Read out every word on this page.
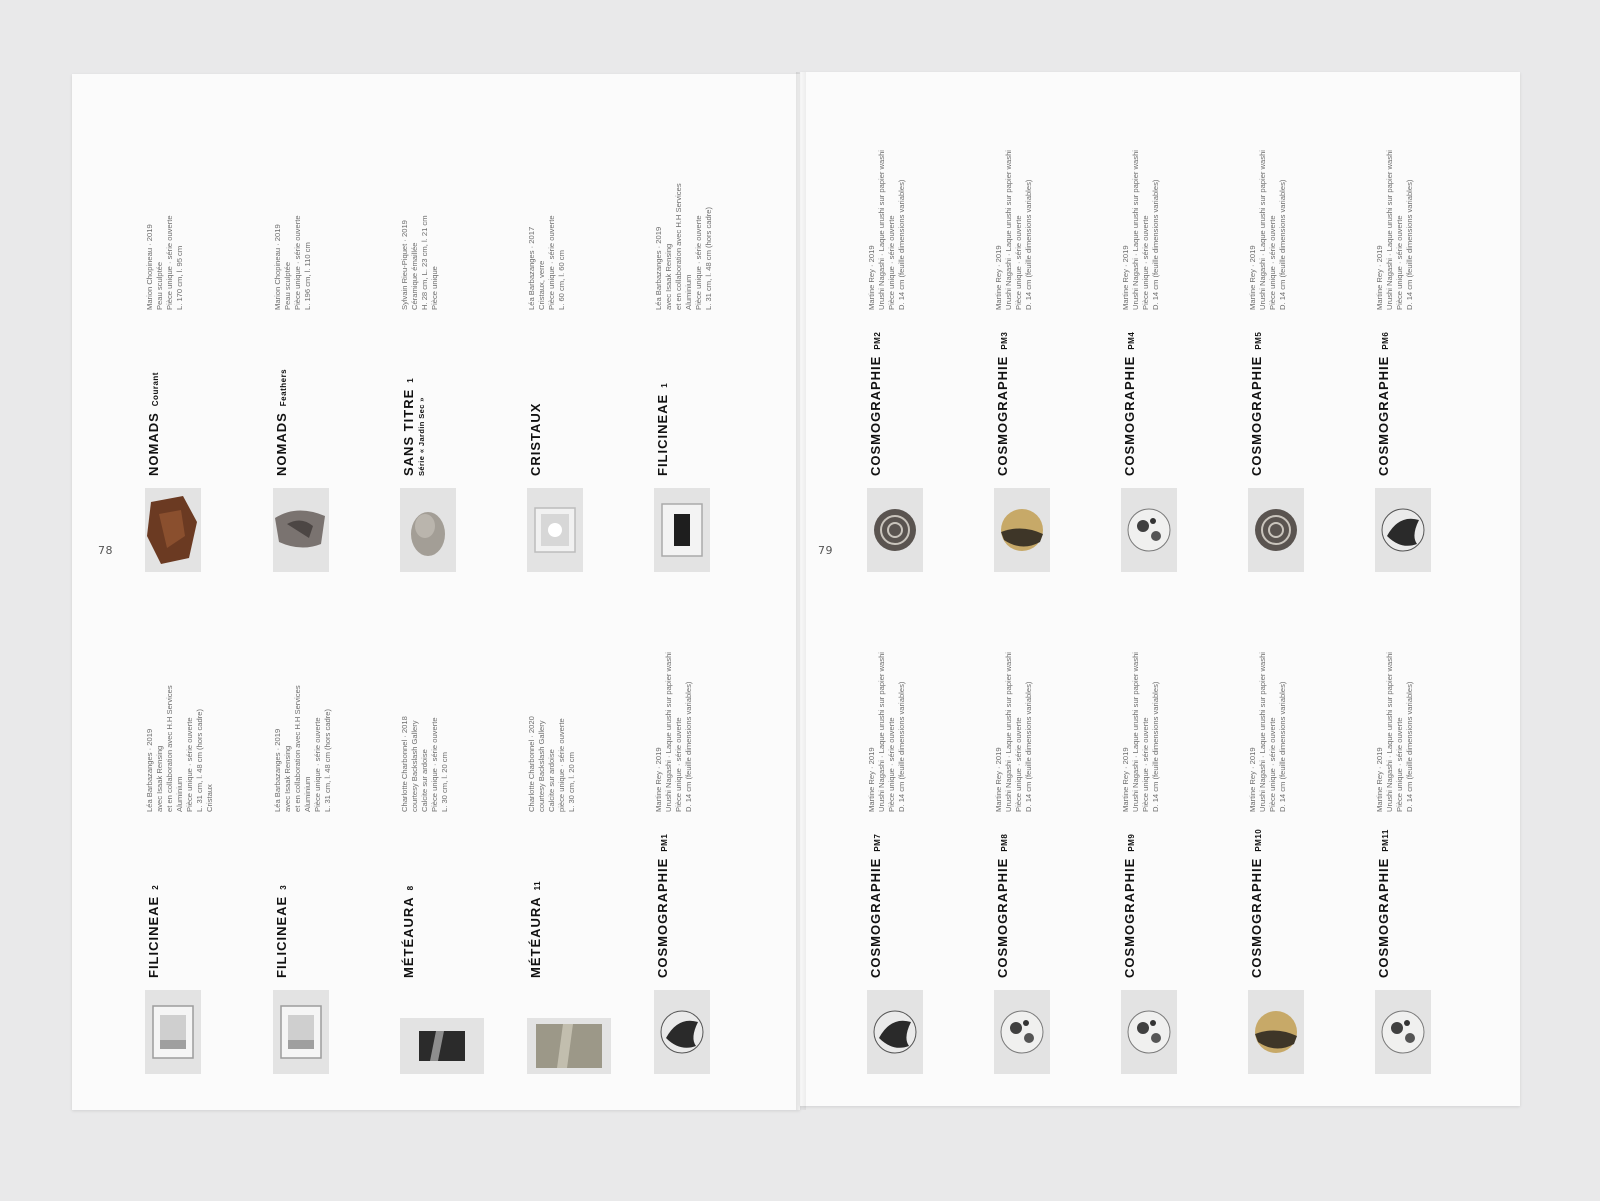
78	79
Marion Chopineau · 2019 Peau sculptée Pièce unique · série ouverte L. 170 cm, l. 95 cm
NOMADSCourant
Marion Chopineau · 2019 Peau sculptée Pièce unique · série ouverte L. 196 cm, l. 110 cm
NOMADSFeathers
Sylvain Rieu-Piquet · 2019 Céramique émaillée H. 28 cm, L. 23 cm, l. 21 cm Pièce unique
SANS TITRE1
Série « Jardin Sec »
Léa Barbazanges · 2017 Cristaux, verre Pièce unique · série ouverte L. 60 cm, l. 60 cm
CRISTAUX
Léa Barbazanges · 2019 avec Isaak Rensing et en collaboration avec H.H Services Aluminium Pièce unique · série ouverte L. 31 cm, l. 48 cm (hors cadre)
FILICINEAE1
Léa Barbazanges · 2019 avec Isaak Rensing et en collaboration avec H.H Services Aluminium Pièce unique · série ouverte L. 31 cm, l. 48 cm (hors cadre) Cristaux
FILICINEAE2
Léa Barbazanges · 2019 avec Isaak Rensing et en collaboration avec H.H Services Aluminium Pièce unique · série ouverte L. 31 cm, l. 48 cm (hors cadre)
FILICINEAE3
Charlotte Charbonnel · 2018 courtesy Backslash Gallery Calcite sur ardoise Pièce unique · série ouverte L. 30 cm, l. 20 cm
MÉTÉAURA8
Charlotte Charbonnel · 2020 courtesy Backslash Gallery Calcite sur ardoise pièce unique · série ouverte L. 30 cm, l. 20 cm
MÉTÉAURA11
Martine Rey · 2019 Urushi Nagashi · Laque urushi sur papier washi Pièce unique · série ouverte D. 14 cm (feuille dimensions variables)
COSMOGRAPHIEPM1
Martine Rey · 2019 Urushi Nagashi · Laque urushi sur papier washi Pièce unique · série ouverte D. 14 cm (feuille dimensions variables)
COSMOGRAPHIEPM2
Martine Rey · 2019 Urushi Nagashi · Laque urushi sur papier washi Pièce unique · série ouverte D. 14 cm (feuille dimensions variables)
COSMOGRAPHIEPM3
Martine Rey · 2019 Urushi Nagashi · Laque urushi sur papier washi Pièce unique · série ouverte D. 14 cm (feuille dimensions variables)
COSMOGRAPHIEPM4
Martine Rey · 2019 Urushi Nagashi · Laque urushi sur papier washi Pièce unique · série ouverte D. 14 cm (feuille dimensions variables)
COSMOGRAPHIEPM5
Martine Rey · 2019 Urushi Nagashi · Laque urushi sur papier washi Pièce unique · série ouverte D. 14 cm (feuille dimensions variables)
COSMOGRAPHIEPM6
Martine Rey · 2019 Urushi Nagashi · Laque urushi sur papier washi Pièce unique · série ouverte D. 14 cm (feuille dimensions variables)
COSMOGRAPHIEPM7
Martine Rey · 2019 Urushi Nagashi · Laque urushi sur papier washi Pièce unique · série ouverte D. 14 cm (feuille dimensions variables)
COSMOGRAPHIEPM8
Martine Rey · 2019 Urushi Nagashi · Laque urushi sur papier washi Pièce unique · série ouverte D. 14 cm (feuille dimensions variables)
COSMOGRAPHIEPM9
Martine Rey · 2019 Urushi Nagashi · Laque urushi sur papier washi Pièce unique · série ouverte D. 14 cm (feuille dimensions variables)
COSMOGRAPHIEPM10
Martine Rey · 2019 Urushi Nagashi · Laque urushi sur papier washi Pièce unique · série ouverte D. 14 cm (feuille dimensions variables)
COSMOGRAPHIEPM11
